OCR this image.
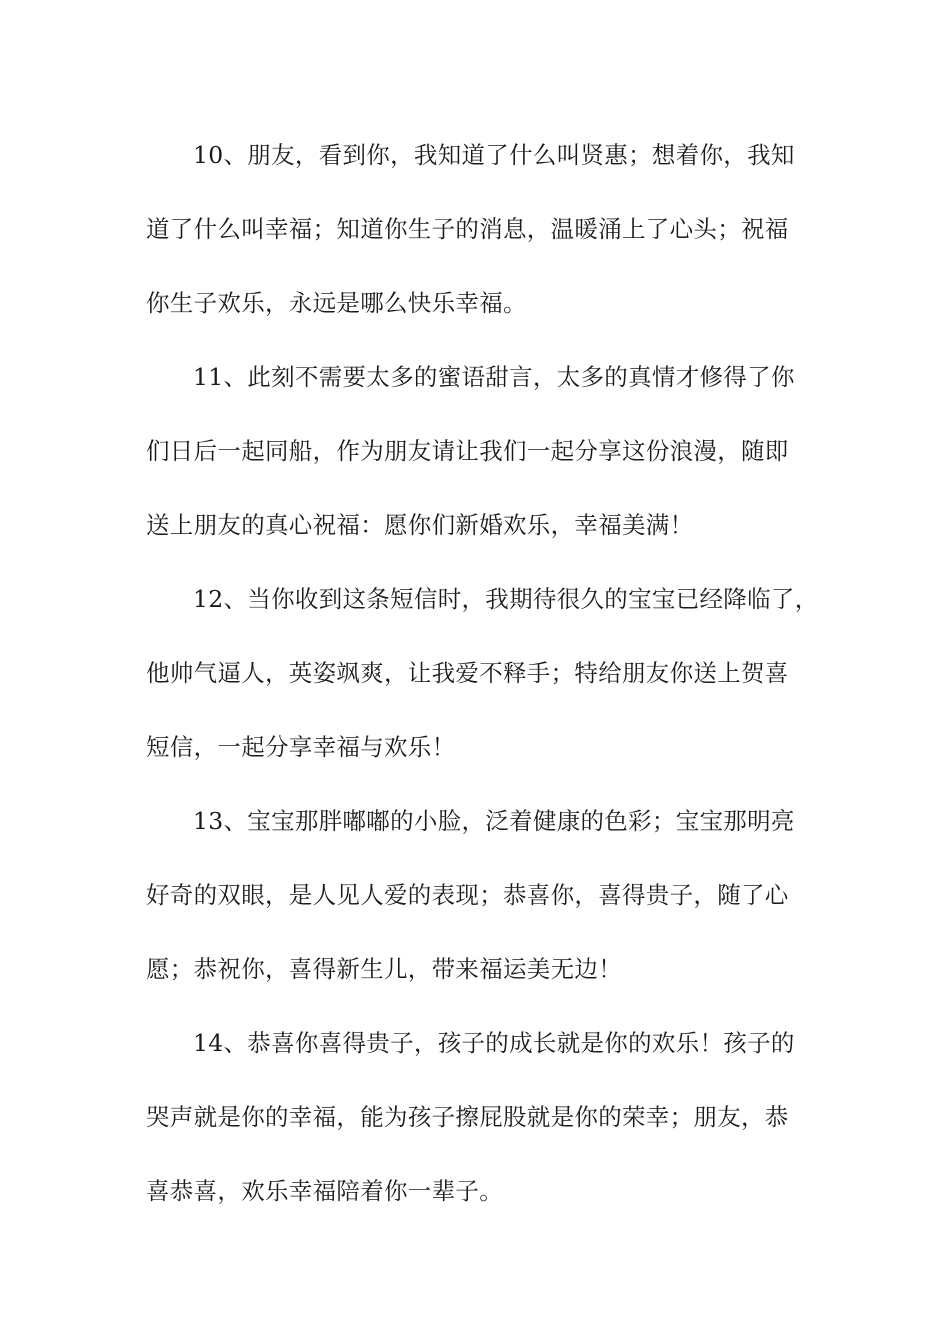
10、朋友，看到你，我知道了什么叫贤惠；想着你，我知
道了什么叫幸福；知道你生子的消息，温暖涌上了心头；祝福
你生子欢乐，永远是哪么快乐幸福。
11、此刻不需要太多的蜜语甜言，太多的真情才修得了你
们日后一起同船，作为朋友请让我们一起分享这份浪漫，随即
送上朋友的真心祝福：愿你们新婚欢乐，幸福美满！
12、当你收到这条短信时，我期待很久的宝宝已经降临了，
他帅气逼人，英姿飒爽，让我爱不释手；特给朋友你送上贺喜
短信，一起分享幸福与欢乐！
13、宝宝那胖嘟嘟的小脸，泛着健康的色彩；宝宝那明亮
好奇的双眼，是人见人爱的表现；恭喜你，喜得贵子，随了心
愿；恭祝你，喜得新生儿，带来福运美无边！
14、恭喜你喜得贵子，孩子的成长就是你的欢乐！孩子的
哭声就是你的幸福，能为孩子擦屁股就是你的荣幸；朋友，恭
喜恭喜，欢乐幸福陪着你一辈子。
